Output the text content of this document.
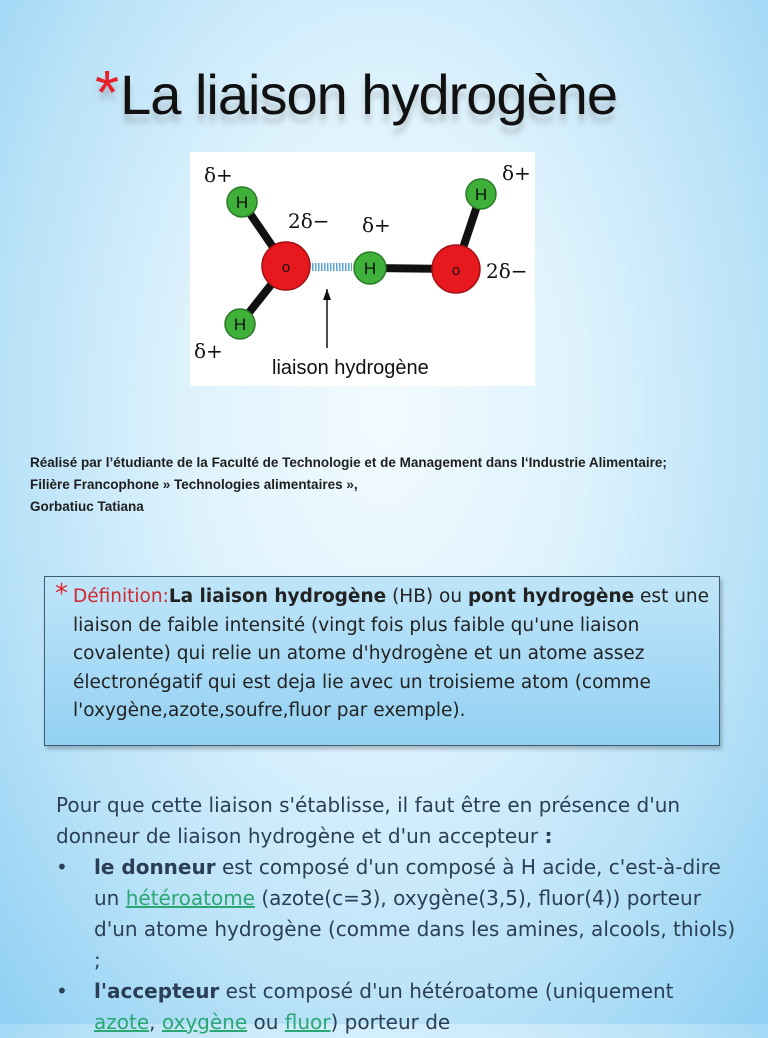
*La liaison hydrogène
H
H
H
H
o	o
δ+
δ+
δ+
δ+
2δ−
2δ−
liaison hydrogène

Réalisé par l’étudiante de la Faculté de Technologie et de Management dans l‘Industrie Alimentaire;

Filière Francophone » Technologies alimentaires »,

Gorbatiuc Tatiana

* Définition:La liaison hydrogène (HB) ou pont hydrogène est une liaison de faible intensité (vingt fois plus faible qu'une liaison covalente) qui relie un atome d'hydrogène et un atome assez électronégatif qui est deja lie avec un troisieme atom (comme l'oxygène,azote,soufre,fluor par exemple).

Pour que cette liaison s'établisse, il faut être en présence d'un donneur de liaison hydrogène et d'un accepteur :

• le donneur est composé d'un composé à H acide, c'est-à-dire un hétéroatome (azote(c=3), oxygène(3,5), fluor(4)) porteur d'un atome hydrogène (comme dans les amines, alcools, thiols) ;
• l'accepteur est composé d'un hétéroatome (uniquement azote, oxygène ou fluor) porteur de
